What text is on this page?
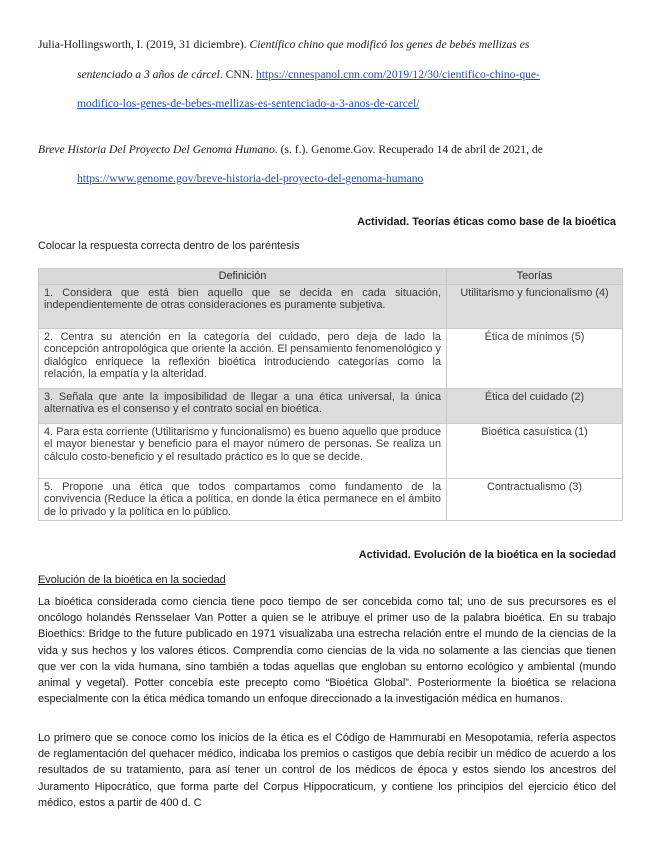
Julia-Hollingsworth, I. (2019, 31 diciembre). Científico chino que modificó los genes de bebés mellizas es
sentenciado a 3 años de cárcel. CNN. https://cnnespanol.cnn.com/2019/12/30/cientifico-chino-que-
modifico-los-genes-de-bebes-mellizas-es-sentenciado-a-3-anos-de-carcel/
Breve Historia Del Proyecto Del Genoma Humano. (s. f.). Genome.Gov. Recuperado 14 de abril de 2021, de
https://www.genome.gov/breve-historia-del-proyecto-del-genoma-humano
Actividad. Teorías éticas como base de la bioética
Colocar la respuesta correcta dentro de los paréntesis
Definición	Teorías
1. Considera que está bien aquello que se decida en cada situación, independientemente de otras consideraciones es puramente subjetiva.	Utilitarismo y funcionalismo (4)
2. Centra su atención en la categoría del cuidado, pero deja de lado la concepción antropológica que oriente la acción. El pensamiento fenomenológico y dialógico enriquece la reflexión bioética introduciendo categorías como la relación, la empatía y la alteridad.	Ética de mínimos (5)
3. Señala que ante la imposibilidad de llegar a una ética universal, la única alternativa es el consenso y el contrato social en bioética.	Ética del cuidado (2)
4. Para esta corriente (Utilitarismo y funcionalismo) es bueno aquello que produce el mayor bienestar y beneficio para el mayor número de personas. Se realiza un cálculo costo-beneficio y el resultado práctico es lo que se decide.	Bioética casuística (1)
5. Propone una ética que todos compartamos como fundamento de la convivencia (Reduce la ética a política, en donde la ética permanece en el ámbito de lo privado y la política en lo público.	Contractualismo (3)
Actividad. Evolución de la bioética en la sociedad
Evolución de la bioética en la sociedad
La bioética considerada como ciencia tiene poco tiempo de ser concebida como tal; uno de sus precursores es el oncólogo holandés Rensselaer Van Potter a quien se le atribuye el primer uso de la palabra bioética. En su trabajo Bioethics: Bridge to the future publicado en 1971 visualizaba una estrecha relación entre el mundo de la ciencias de la vida y sus hechos y los valores éticos. Comprendía como ciencias de la vida no solamente a las ciencias que tienen que ver con la vida humana, sino también a todas aquellas que engloban su entorno ecológico y ambiental (mundo animal y vegetal). Potter concebía este precepto como “Bioética Global”. Posteriormente la bioética se relaciona especialmente con la ética médica tomando un enfoque direccionado a la investigación médica en humanos.
Lo primero que se conoce como los inicios de la ética es el Código de Hammurabi en Mesopotamia, refería aspectos de reglamentación del quehacer médico, indicaba los premios o castigos que debía recibir un médico de acuerdo a los resultados de su tratamiento, para así tener un control de los médicos de época y estos siendo los ancestros del Juramento Hipocrático, que forma parte del Corpus Hippocraticum, y contiene los principios del ejercicio ético del médico, estos a partir de 400 d. C
